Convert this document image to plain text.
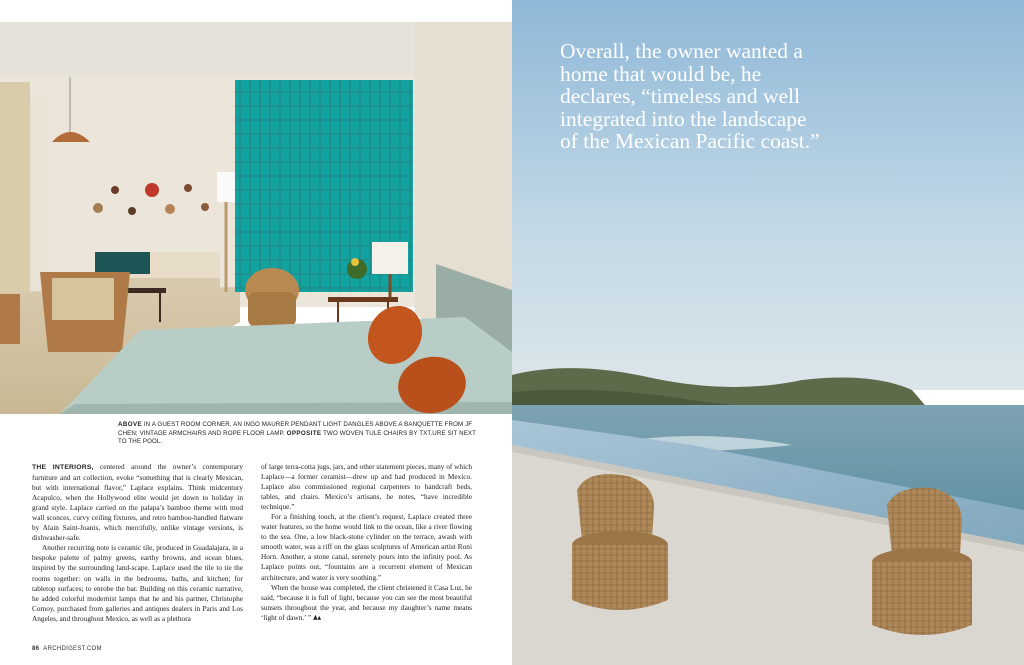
ABOVE IN A GUEST ROOM CORNER, AN INGO MAURER PENDANT LIGHT DANGLES ABOVE A BANQUETTE FROM JF CHEN; VINTAGE ARMCHAIRS AND ROPE FLOOR LAMP. OPPOSITE TWO WOVEN TULE CHAIRS BY TXT.URE SIT NEXT TO THE POOL.

THE INTERIORS, centered around the owner’s contemporary furniture and art collection, evoke “something that is clearly Mexican, but with international flavor,” Laplace explains. Think midcentury Acapulco, when the Hollywood elite would jet down to holiday in grand style. Laplace carried on the palapa’s bamboo theme with mod wall sconces, curvy ceiling fixtures, and retro bamboo-handled flatware by Alain Saint-Joanis, which mercifully, unlike vintage versions, is dishwasher-safe.

Another recurring note is ceramic tile, produced in Guadalajara, in a bespoke palette of palmy greens, earthy browns, and ocean blues, inspired by the surrounding land-scape. Laplace used the tile to tie the rooms together: on walls in the bedrooms, baths, and kitchen; for tabletop surfaces; to enrobe the bar. Building on this ceramic narrative, he added colorful modernist lamps that he and his partner, Christophe Comoy, purchased from galleries and antiques dealers in Paris and Los Angeles, and throughout Mexico, as well as a plethora

of large terra-cotta jugs, jars, and other statement pieces, many of which Laplace—a former ceramist—drew up and had produced in Mexico. Laplace also commissioned regional carpenters to handcraft beds, tables, and chairs. Mexico’s artisans, he notes, “have incredible technique.”

For a finishing touch, at the client’s request, Laplace created three water features, so the home would link to the ocean, like a river flowing to the sea. One, a low black-stone cylinder on the terrace, awash with smooth water, was a riff on the glass sculptures of American artist Roni Horn. Another, a stone canal, serenely pours into the infinity pool. As Laplace points out, “fountains are a recurrent element of Mexican architecture, and water is very soothing.”

When the house was completed, the client christened it Casa Luz, he said, “because it is full of light, because you can see the most beautiful sunsets throughout the year, and because my daughter’s name means ‘light of dawn.’ ”

86 ARCHDIGEST.COM
Overall, the owner wanted a home that would be, he declares, “timeless and well integrated into the landscape of the Mexican Pacific coast.”
